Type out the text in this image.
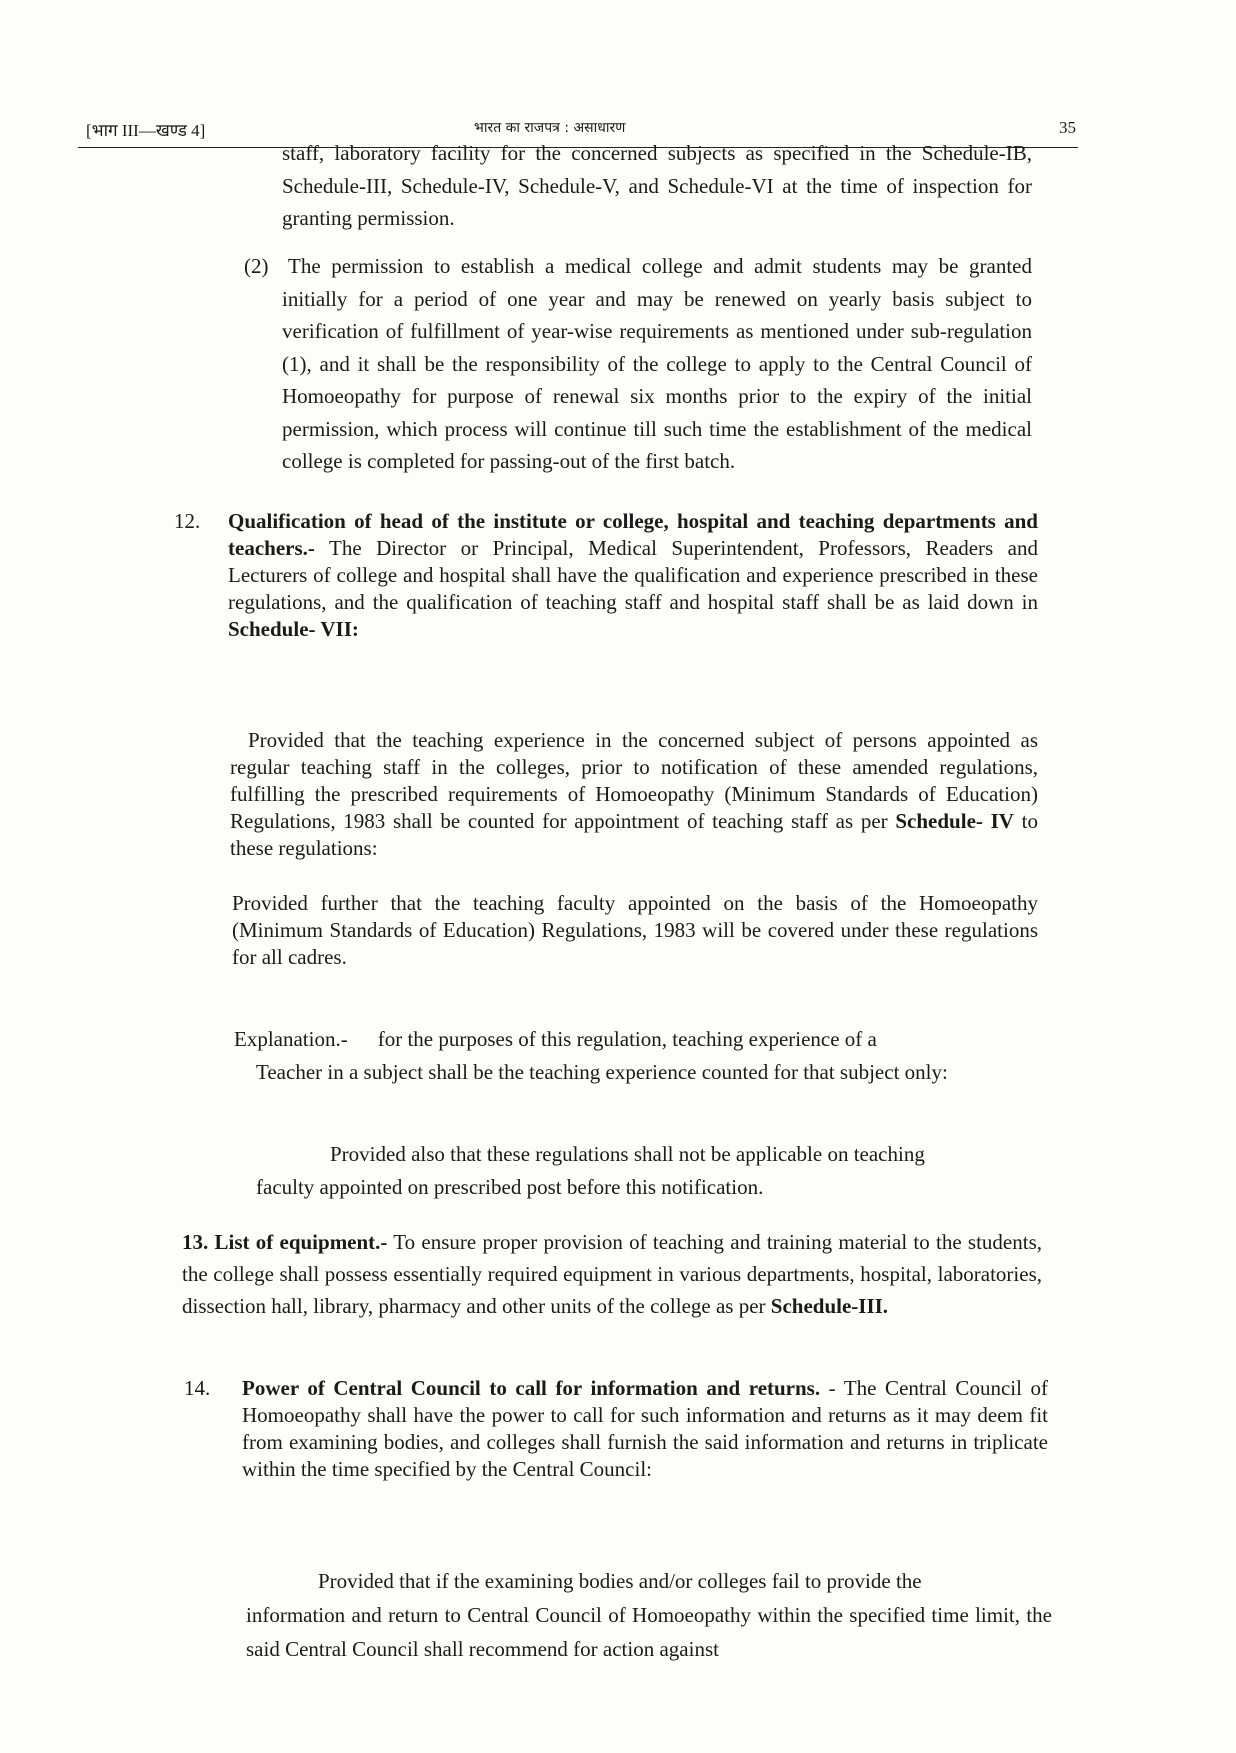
[भाग III—खण्ड 4]	भारत का राजपत्र : असाधारण	35

staff, laboratory facility for the concerned subjects as specified in the Schedule-IB, Schedule-III, Schedule-IV, Schedule-V, and Schedule-VI at the time of inspection for granting permission.

(2) The permission to establish a medical college and admit students may be granted initially for a period of one year and may be renewed on yearly basis subject to verification of fulfillment of year-wise requirements as mentioned under sub-regulation (1), and it shall be the responsibility of the college to apply to the Central Council of Homoeopathy for purpose of renewal six months prior to the expiry of the initial permission, which process will continue till such time the establishment of the medical college is completed for passing-out of the first batch.

12. Qualification of head of the institute or college, hospital and teaching departments and teachers.- The Director or Principal, Medical Superintendent, Professors, Readers and Lecturers of college and hospital shall have the qualification and experience prescribed in these regulations, and the qualification of teaching staff and hospital staff shall be as laid down in Schedule- VII:

Provided that the teaching experience in the concerned subject of persons appointed as regular teaching staff in the colleges, prior to notification of these amended regulations, fulfilling the prescribed requirements of Homoeopathy (Minimum Standards of Education) Regulations, 1983 shall be counted for appointment of teaching staff as per Schedule- IV to these regulations:

Provided further that the teaching faculty appointed on the basis of the Homoeopathy (Minimum Standards of Education) Regulations, 1983 will be covered under these regulations for all cadres.

Explanation.- for the purposes of this regulation, teaching experience of a

Teacher in a subject shall be the teaching experience counted for that subject only:

Provided also that these regulations shall not be applicable on teaching

faculty appointed on prescribed post before this notification.

13. List of equipment.- To ensure proper provision of teaching and training material to the students, the college shall possess essentially required equipment in various departments, hospital, laboratories, dissection hall, library, pharmacy and other units of the college as per Schedule-III.

14. Power of Central Council to call for information and returns. - The Central Council of Homoeopathy shall have the power to call for such information and returns as it may deem fit from examining bodies, and colleges shall furnish the said information and returns in triplicate within the time specified by the Central Council:

Provided that if the examining bodies and/or colleges fail to provide the

information and return to Central Council of Homoeopathy within the specified time limit, the said Central Council shall recommend for action against
